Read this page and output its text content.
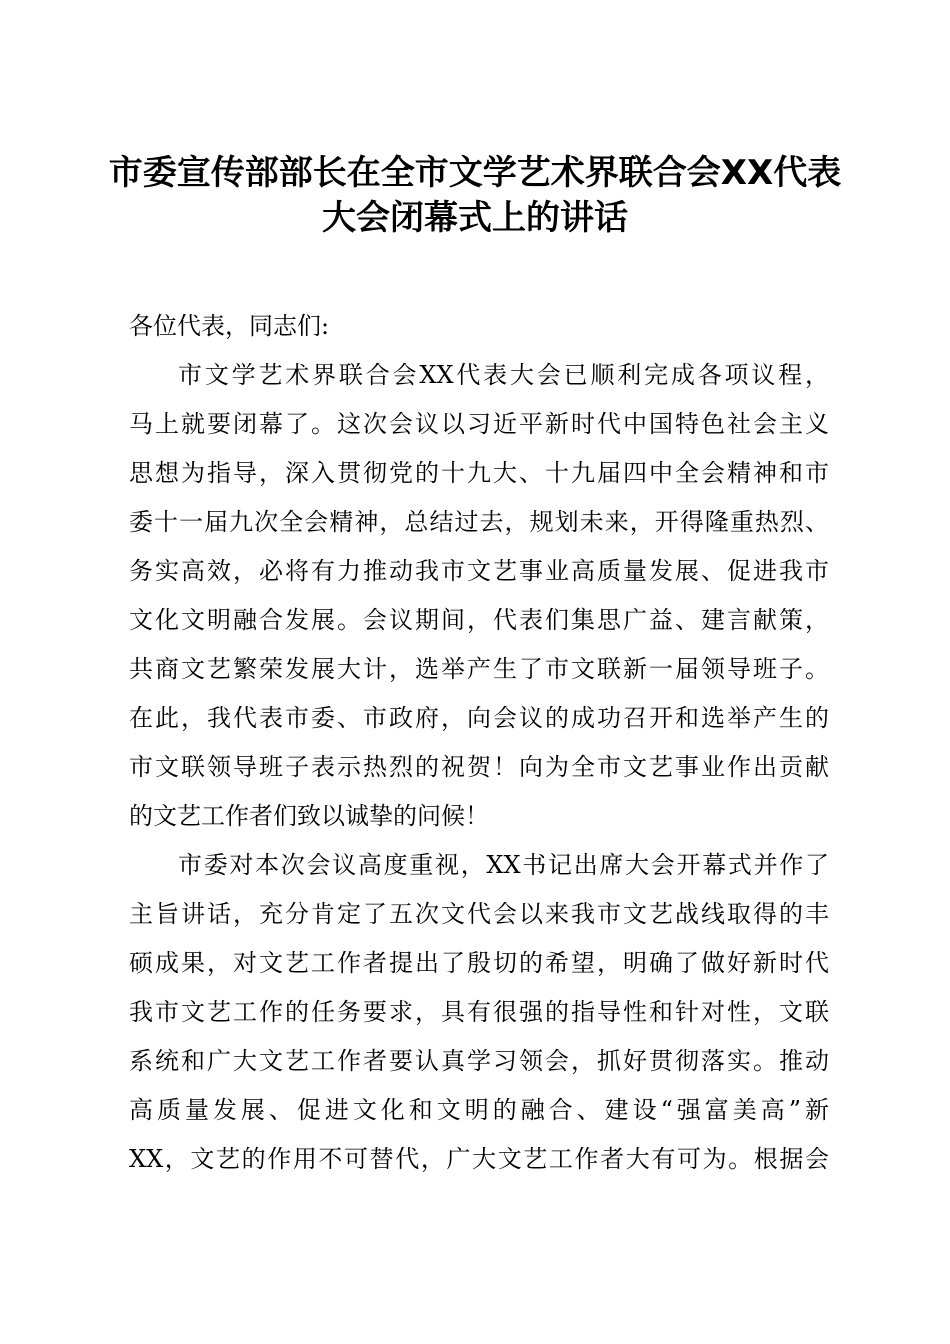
市委宣传部部长在全市文学艺术界联合会XX代表
大会闭幕式上的讲话
各位代表，同志们:
市文学艺术界联合会XX代表大会已顺利完成各项议程，
马上就要闭幕了。这次会议以习近平新时代中国特色社会主义
思想为指导，深入贯彻党的十九大、十九届四中全会精神和市
委十一届九次全会精神，总结过去，规划未来，开得隆重热烈、
务实高效，必将有力推动我市文艺事业高质量发展、促进我市
文化文明融合发展。会议期间，代表们集思广益、建言献策，
共商文艺繁荣发展大计，选举产生了市文联新一届领导班子。
在此，我代表市委、市政府，向会议的成功召开和选举产生的
市文联领导班子表示热烈的祝贺！向为全市文艺事业作出贡献
的文艺工作者们致以诚挚的问候！
市委对本次会议高度重视，XX书记出席大会开幕式并作了
主旨讲话，充分肯定了五次文代会以来我市文艺战线取得的丰
硕成果，对文艺工作者提出了殷切的希望，明确了做好新时代
我市文艺工作的任务要求，具有很强的指导性和针对性，文联
系统和广大文艺工作者要认真学习领会，抓好贯彻落实。推动
高质量发展、促进文化和文明的融合、建设“强富美高”新
XX，文艺的作用不可替代，广大文艺工作者大有可为。根据会
